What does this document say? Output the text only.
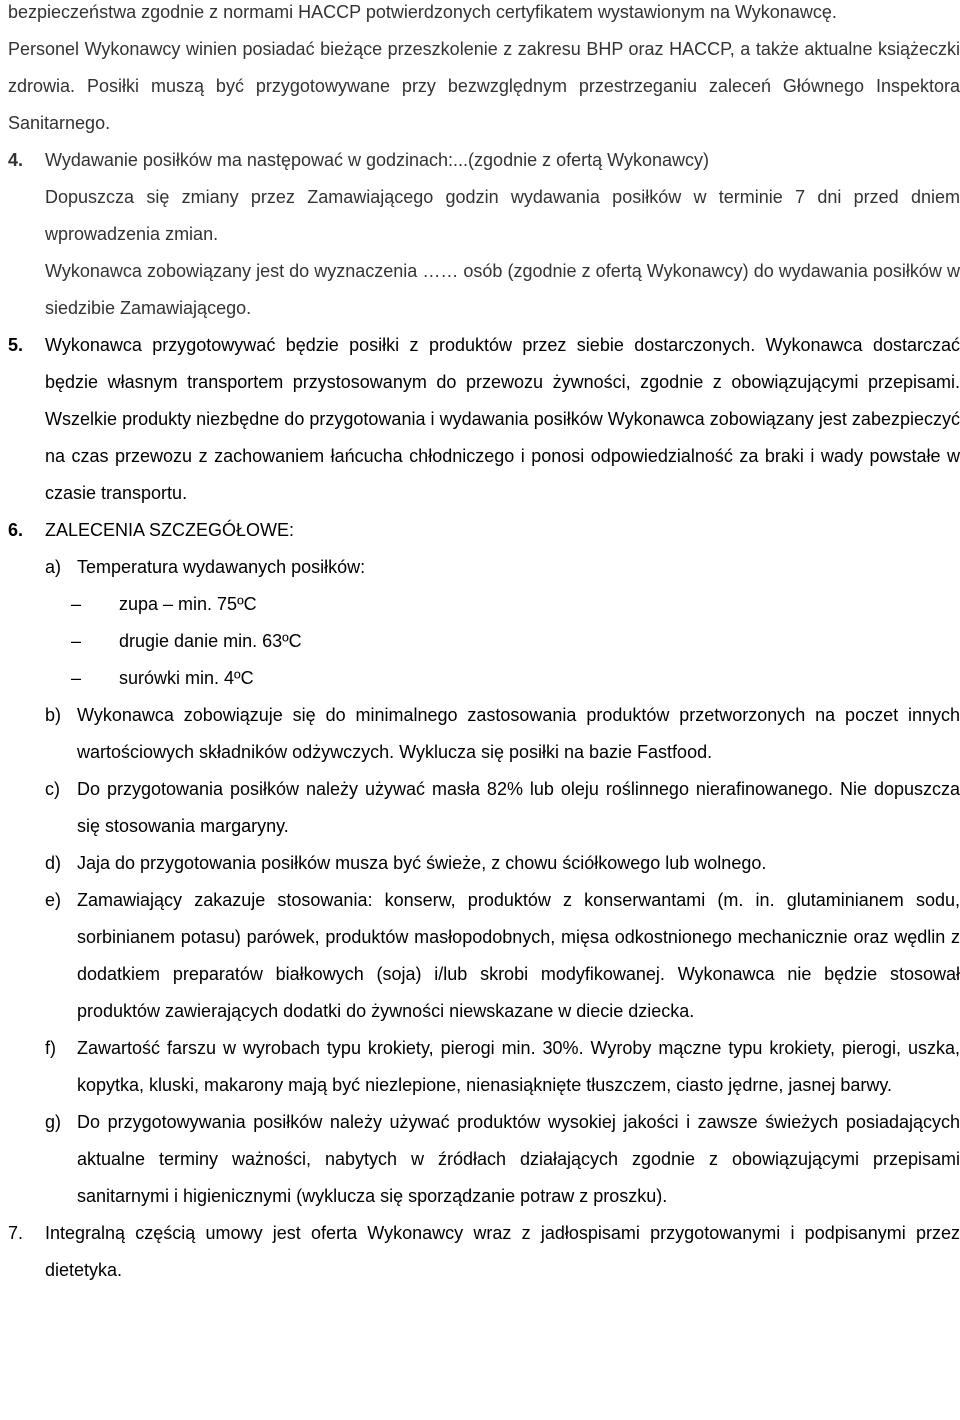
bezpieczeństwa zgodnie z normami HACCP potwierdzonych certyfikatem wystawionym na Wykonawcę.

Personel Wykonawcy winien posiadać bieżące przeszkolenie z zakresu BHP oraz HACCP, a także aktualne książeczki zdrowia. Posiłki muszą być przygotowywane przy bezwzględnym przestrzeganiu zaleceń Głównego Inspektora Sanitarnego.

4. Wydawanie posiłków ma następować w godzinach:...(zgodnie z ofertą Wykonawcy)

Dopuszcza się zmiany przez Zamawiającego godzin wydawania posiłków w terminie 7 dni przed dniem wprowadzenia zmian.

Wykonawca zobowiązany jest do wyznaczenia …… osób (zgodnie z ofertą Wykonawcy) do wydawania posiłków w siedzibie Zamawiającego.

5. Wykonawca przygotowywać będzie posiłki z produktów przez siebie dostarczonych. Wykonawca dostarczać będzie własnym transportem przystosowanym do przewozu żywności, zgodnie z obowiązującymi przepisami. Wszelkie produkty niezbędne do przygotowania i wydawania posiłków Wykonawca zobowiązany jest zabezpieczyć na czas przewozu z zachowaniem łańcucha chłodniczego i ponosi odpowiedzialność za braki i wady powstałe w czasie transportu.

6. ZALECENIA SZCZEGÓŁOWE:

a) Temperatura wydawanych posiłków:

– zupa – min. 75ºC

– drugie danie min. 63ºC

– surówki min. 4ºC

b) Wykonawca zobowiązuje się do minimalnego zastosowania produktów przetworzonych na poczet innych wartościowych składników odżywczych. Wyklucza się posiłki na bazie Fastfood.

c) Do przygotowania posiłków należy używać masła 82% lub oleju roślinnego nierafinowanego. Nie dopuszcza się stosowania margaryny.

d) Jaja do przygotowania posiłków musza być świeże, z chowu ściółkowego lub wolnego.

e) Zamawiający zakazuje stosowania: konserw, produktów z konserwantami (m. in. glutaminianem sodu, sorbinianem potasu) parówek, produktów masłopodobnych, mięsa odkostnionego mechanicznie oraz wędlin z dodatkiem preparatów białkowych (soja) i/lub skrobi modyfikowanej. Wykonawca nie będzie stosował produktów zawierających dodatki do żywności niewskazane w diecie dziecka.

f) Zawartość farszu w wyrobach typu krokiety, pierogi min. 30%. Wyroby mączne typu krokiety, pierogi, uszka, kopytka, kluski, makarony mają być niezlepione, nienasiąknięte tłuszczem, ciasto jędrne, jasnej barwy.

g) Do przygotowywania posiłków należy używać produktów wysokiej jakości i zawsze świeżych posiadających aktualne terminy ważności, nabytych w źródłach działających zgodnie z obowiązującymi przepisami sanitarnymi i higienicznymi (wyklucza się sporządzanie potraw z proszku).

7. Integralną częścią umowy jest oferta Wykonawcy wraz z jadłospisami przygotowanymi i podpisanymi przez dietetyka.
